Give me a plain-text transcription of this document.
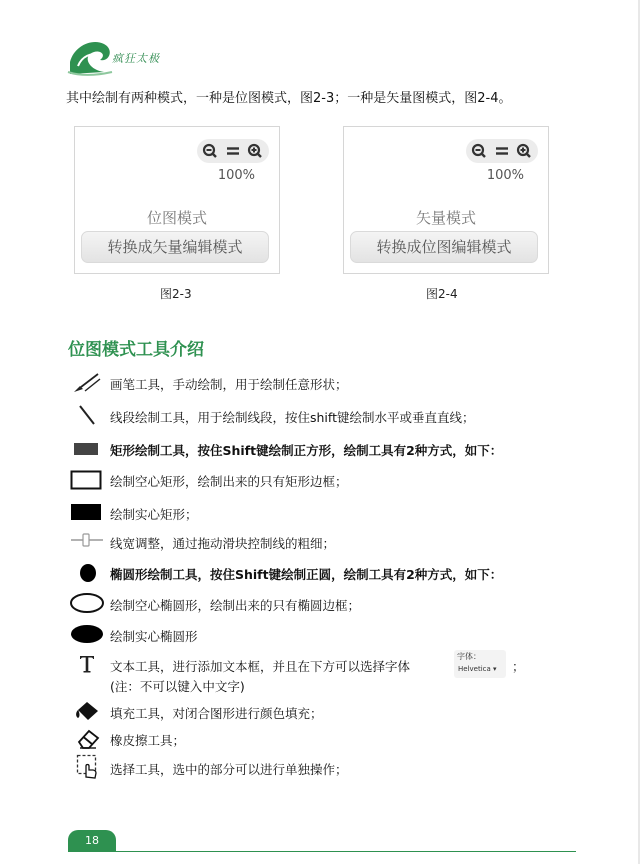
疯狂太极
其中绘制有两种模式，一种是位图模式，图2-3；一种是矢量图模式，图2-4。
100%
位图模式
转换成矢量编辑模式
图2-3
100%
矢量模式
转换成位图编辑模式
图2-4
位图模式工具介绍
画笔工具，手动绘制，用于绘制任意形状；
线段绘制工具，用于绘制线段，按住shift键绘制水平或垂直直线；
矩形绘制工具，按住Shift键绘制正方形，绘制工具有2种方式，如下：
绘制空心矩形，绘制出来的只有矩形边框；
绘制实心矩形；
线宽调整，通过拖动滑块控制线的粗细；
椭圆形绘制工具，按住Shift键绘制正圆，绘制工具有2种方式，如下：
绘制空心椭圆形，绘制出来的只有椭圆边框；
绘制实心椭圆形
文本工具，进行添加文本框，并且在下方可以选择字体
字体：
Helvetica ▾ ；
(注：不可以键入中文字)
填充工具，对闭合图形进行颜色填充；
橡皮擦工具；
选择工具，选中的部分可以进行单独操作；
18
